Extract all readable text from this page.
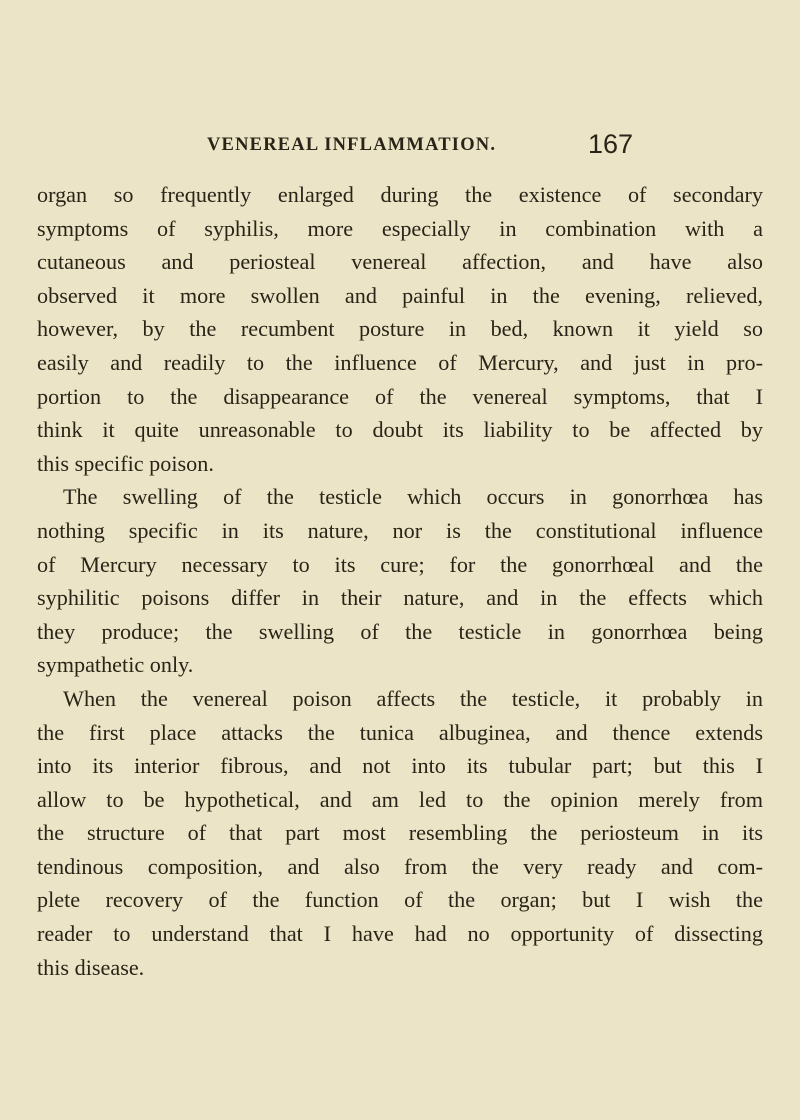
VENEREAL INFLAMMATION.	167
organ so frequently enlarged during the existence of secondary
symptoms of syphilis, more especially in combination with a
cutaneous and periosteal venereal affection, and have also
observed it more swollen and painful in the evening, relieved,
however, by the recumbent posture in bed, known it yield so
easily and readily to the influence of Mercury, and just in pro-
portion to the disappearance of the venereal symptoms, that I
think it quite unreasonable to doubt its liability to be affected by
this specific poison.
The swelling of the testicle which occurs in gonorrhœa has
nothing specific in its nature, nor is the constitutional influence
of Mercury necessary to its cure; for the gonorrhœal and the
syphilitic poisons differ in their nature, and in the effects which
they produce; the swelling of the testicle in gonorrhœa being
sympathetic only.
When the venereal poison affects the testicle, it probably in
the first place attacks the tunica albuginea, and thence extends
into its interior fibrous, and not into its tubular part; but this I
allow to be hypothetical, and am led to the opinion merely from
the structure of that part most resembling the periosteum in its
tendinous composition, and also from the very ready and com-
plete recovery of the function of the organ; but I wish the
reader to understand that I have had no opportunity of dissecting
this disease.
